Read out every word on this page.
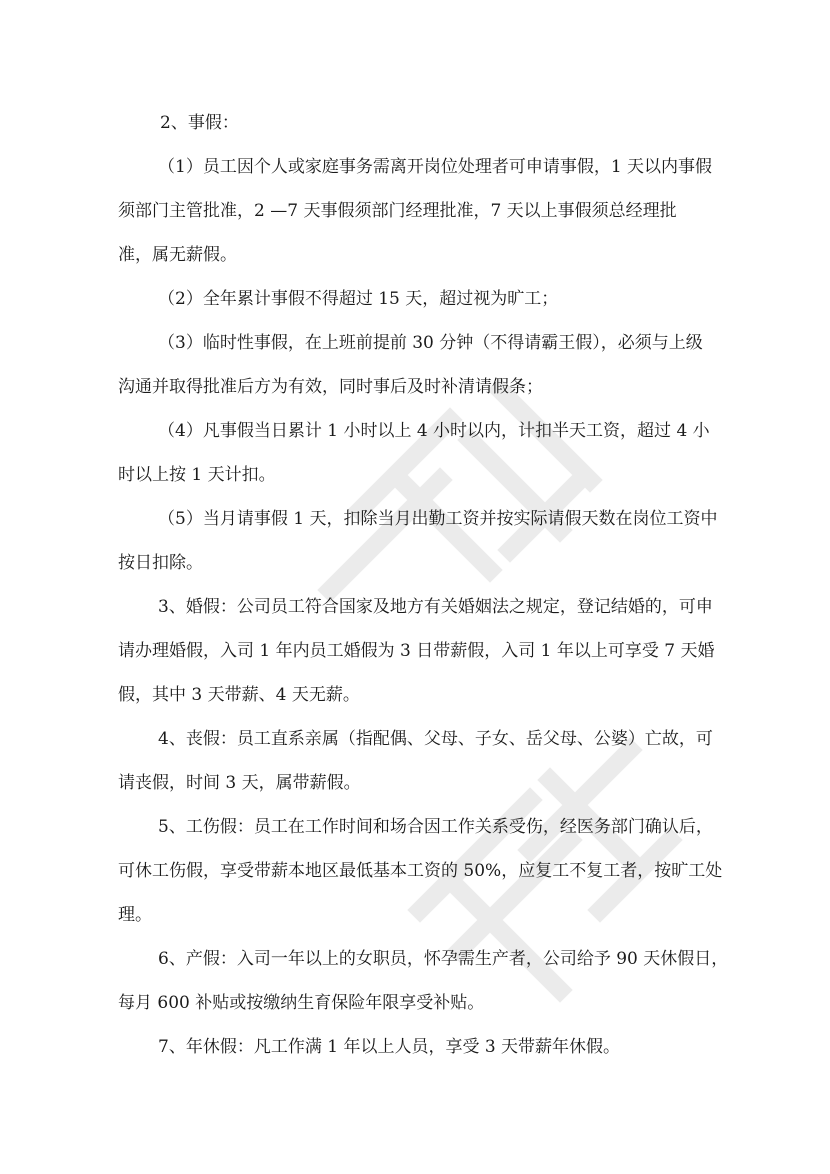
2、事假：
（1）员工因个人或家庭事务需离开岗位处理者可申请事假，1 天以内事假
须部门主管批准，2 —7 天事假须部门经理批准，7 天以上事假须总经理批
准，属无薪假。
（2）全年累计事假不得超过 15 天，超过视为旷工；
（3）临时性事假，在上班前提前 30 分钟（不得请霸王假），必须与上级
沟通并取得批准后方为有效，同时事后及时补清请假条；
（4）凡事假当日累计 1 小时以上 4 小时以内，计扣半天工资，超过 4 小
时以上按 1 天计扣。
（5）当月请事假 1 天，扣除当月出勤工资并按实际请假天数在岗位工资中
按日扣除。
3、婚假：公司员工符合国家及地方有关婚姻法之规定，登记结婚的，可申
请办理婚假，入司 1 年内员工婚假为 3 日带薪假，入司 1 年以上可享受 7 天婚
假，其中 3 天带薪、4 天无薪。
4、丧假：员工直系亲属（指配偶、父母、子女、岳父母、公婆）亡故，可
请丧假，时间 3 天，属带薪假。
5、工伤假：员工在工作时间和场合因工作关系受伤，经医务部门确认后，
可休工伤假，享受带薪本地区最低基本工资的 50%，应复工不复工者，按旷工处
理。
6、产假：入司一年以上的女职员，怀孕需生产者，公司给予 90 天休假日，
每月 600 补贴或按缴纳生育保险年限享受补贴。
7、年休假：凡工作满 1 年以上人员，享受 3 天带薪年休假。
